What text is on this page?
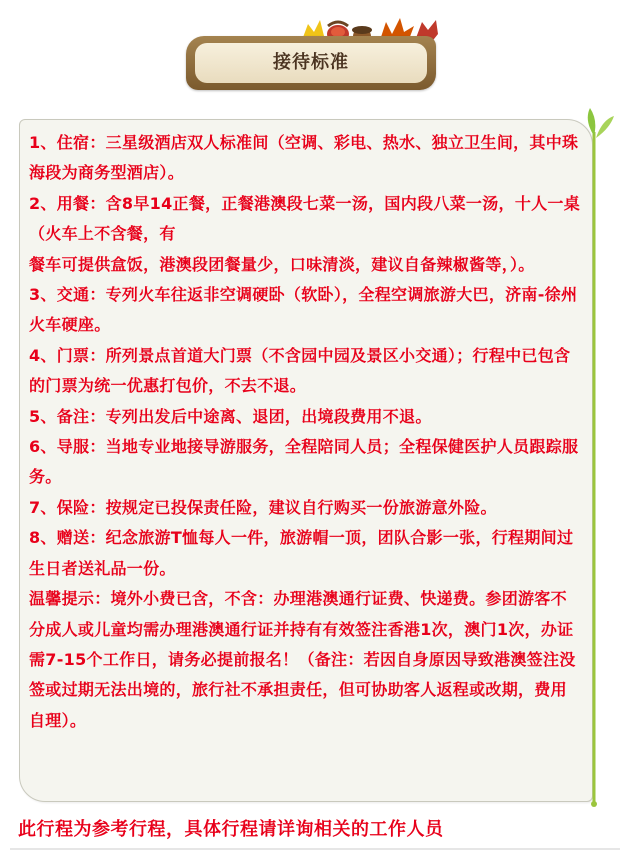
接待标准

1、住宿：三星级酒店双人标准间（空调、彩电、热水、独立卫生间，其中珠海段为商务型酒店）。

2、用餐：含8早14正餐，正餐港澳段七菜一汤，国内段八菜一汤，十人一桌（火车上不含餐，有

餐车可提供盒饭，港澳段团餐量少，口味清淡，建议自备辣椒酱等，）。

3、交通：专列火车往返非空调硬卧（软卧），全程空调旅游大巴，济南-徐州火车硬座。

4、门票：所列景点首道大门票（不含园中园及景区小交通）；行程中已包含的门票为统一优惠打包价，不去不退。

5、备注：专列出发后中途离、退团，出境段费用不退。

6、导服：当地专业地接导游服务，全程陪同人员；全程保健医护人员跟踪服务。

7、保险：按规定已投保责任险，建议自行购买一份旅游意外险。

8、赠送：纪念旅游T恤每人一件，旅游帽一顶，团队合影一张，行程期间过生日者送礼品一份。

温馨提示：境外小费已含，不含：办理港澳通行证费、快递费。参团游客不分成人或儿童均需办理港澳通行证并持有有效签注香港1次，澳门1次，办证需7-15个工作日，请务必提前报名！（备注：若因自身原因导致港澳签注没签或过期无法出境的，旅行社不承担责任，但可协助客人返程或改期，费用自理）。

此行程为参考行程，具体行程请详询相关的工作人员
